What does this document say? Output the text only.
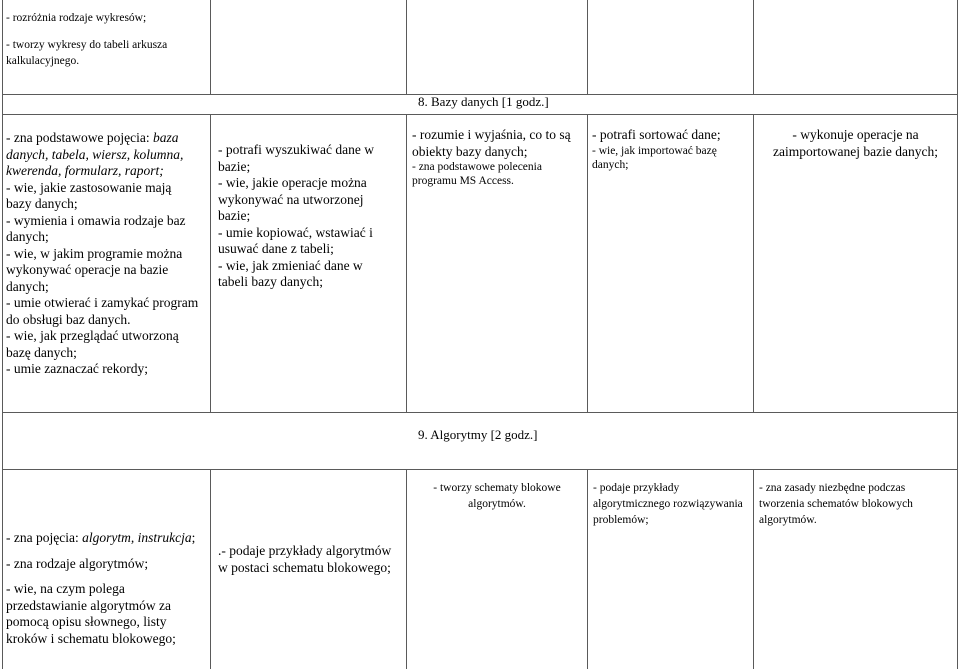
- rozróżnia rodzaje wykresów;
- tworzy wykresy do tabeli arkusza
kalkulacyjnego.
8. Bazy danych [1 godz.]
- zna podstawowe pojęcia: baza
danych, tabela, wiersz, kolumna,
kwerenda, formularz, raport;
- wie, jakie zastosowanie mają
bazy danych;
- wymienia i omawia rodzaje baz
danych;
- wie, w jakim programie można
wykonywać operacje na bazie
danych;
- umie otwierać i zamykać program
do obsługi baz danych.
- wie, jak przeglądać utworzoną
bazę danych;
- umie zaznaczać rekordy;
- potrafi wyszukiwać dane w
bazie;
- wie, jakie operacje można
wykonywać na utworzonej
bazie;
- umie kopiować, wstawiać i
usuwać dane z tabeli;
- wie, jak zmieniać dane w
tabeli bazy danych;
- rozumie i wyjaśnia, co to są
obiekty bazy danych;
- zna podstawowe polecenia
programu MS Access.
- potrafi sortować dane;
- wie, jak importować bazę
danych;
- wykonuje operacje na
zaimportowanej bazie danych;
9. Algorytmy [2 godz.]
- zna pojęcia: algorytm, instrukcja;
- zna rodzaje algorytmów;
- wie, na czym polega
przedstawianie algorytmów za
pomocą opisu słownego, listy
kroków i schematu blokowego;
.- podaje przykłady algorytmów
w postaci schematu blokowego;
- tworzy schematy blokowe
algorytmów.
- podaje przykłady
algorytmicznego rozwiązywania
problemów;
- zna zasady niezbędne podczas
tworzenia schematów blokowych
algorytmów.
